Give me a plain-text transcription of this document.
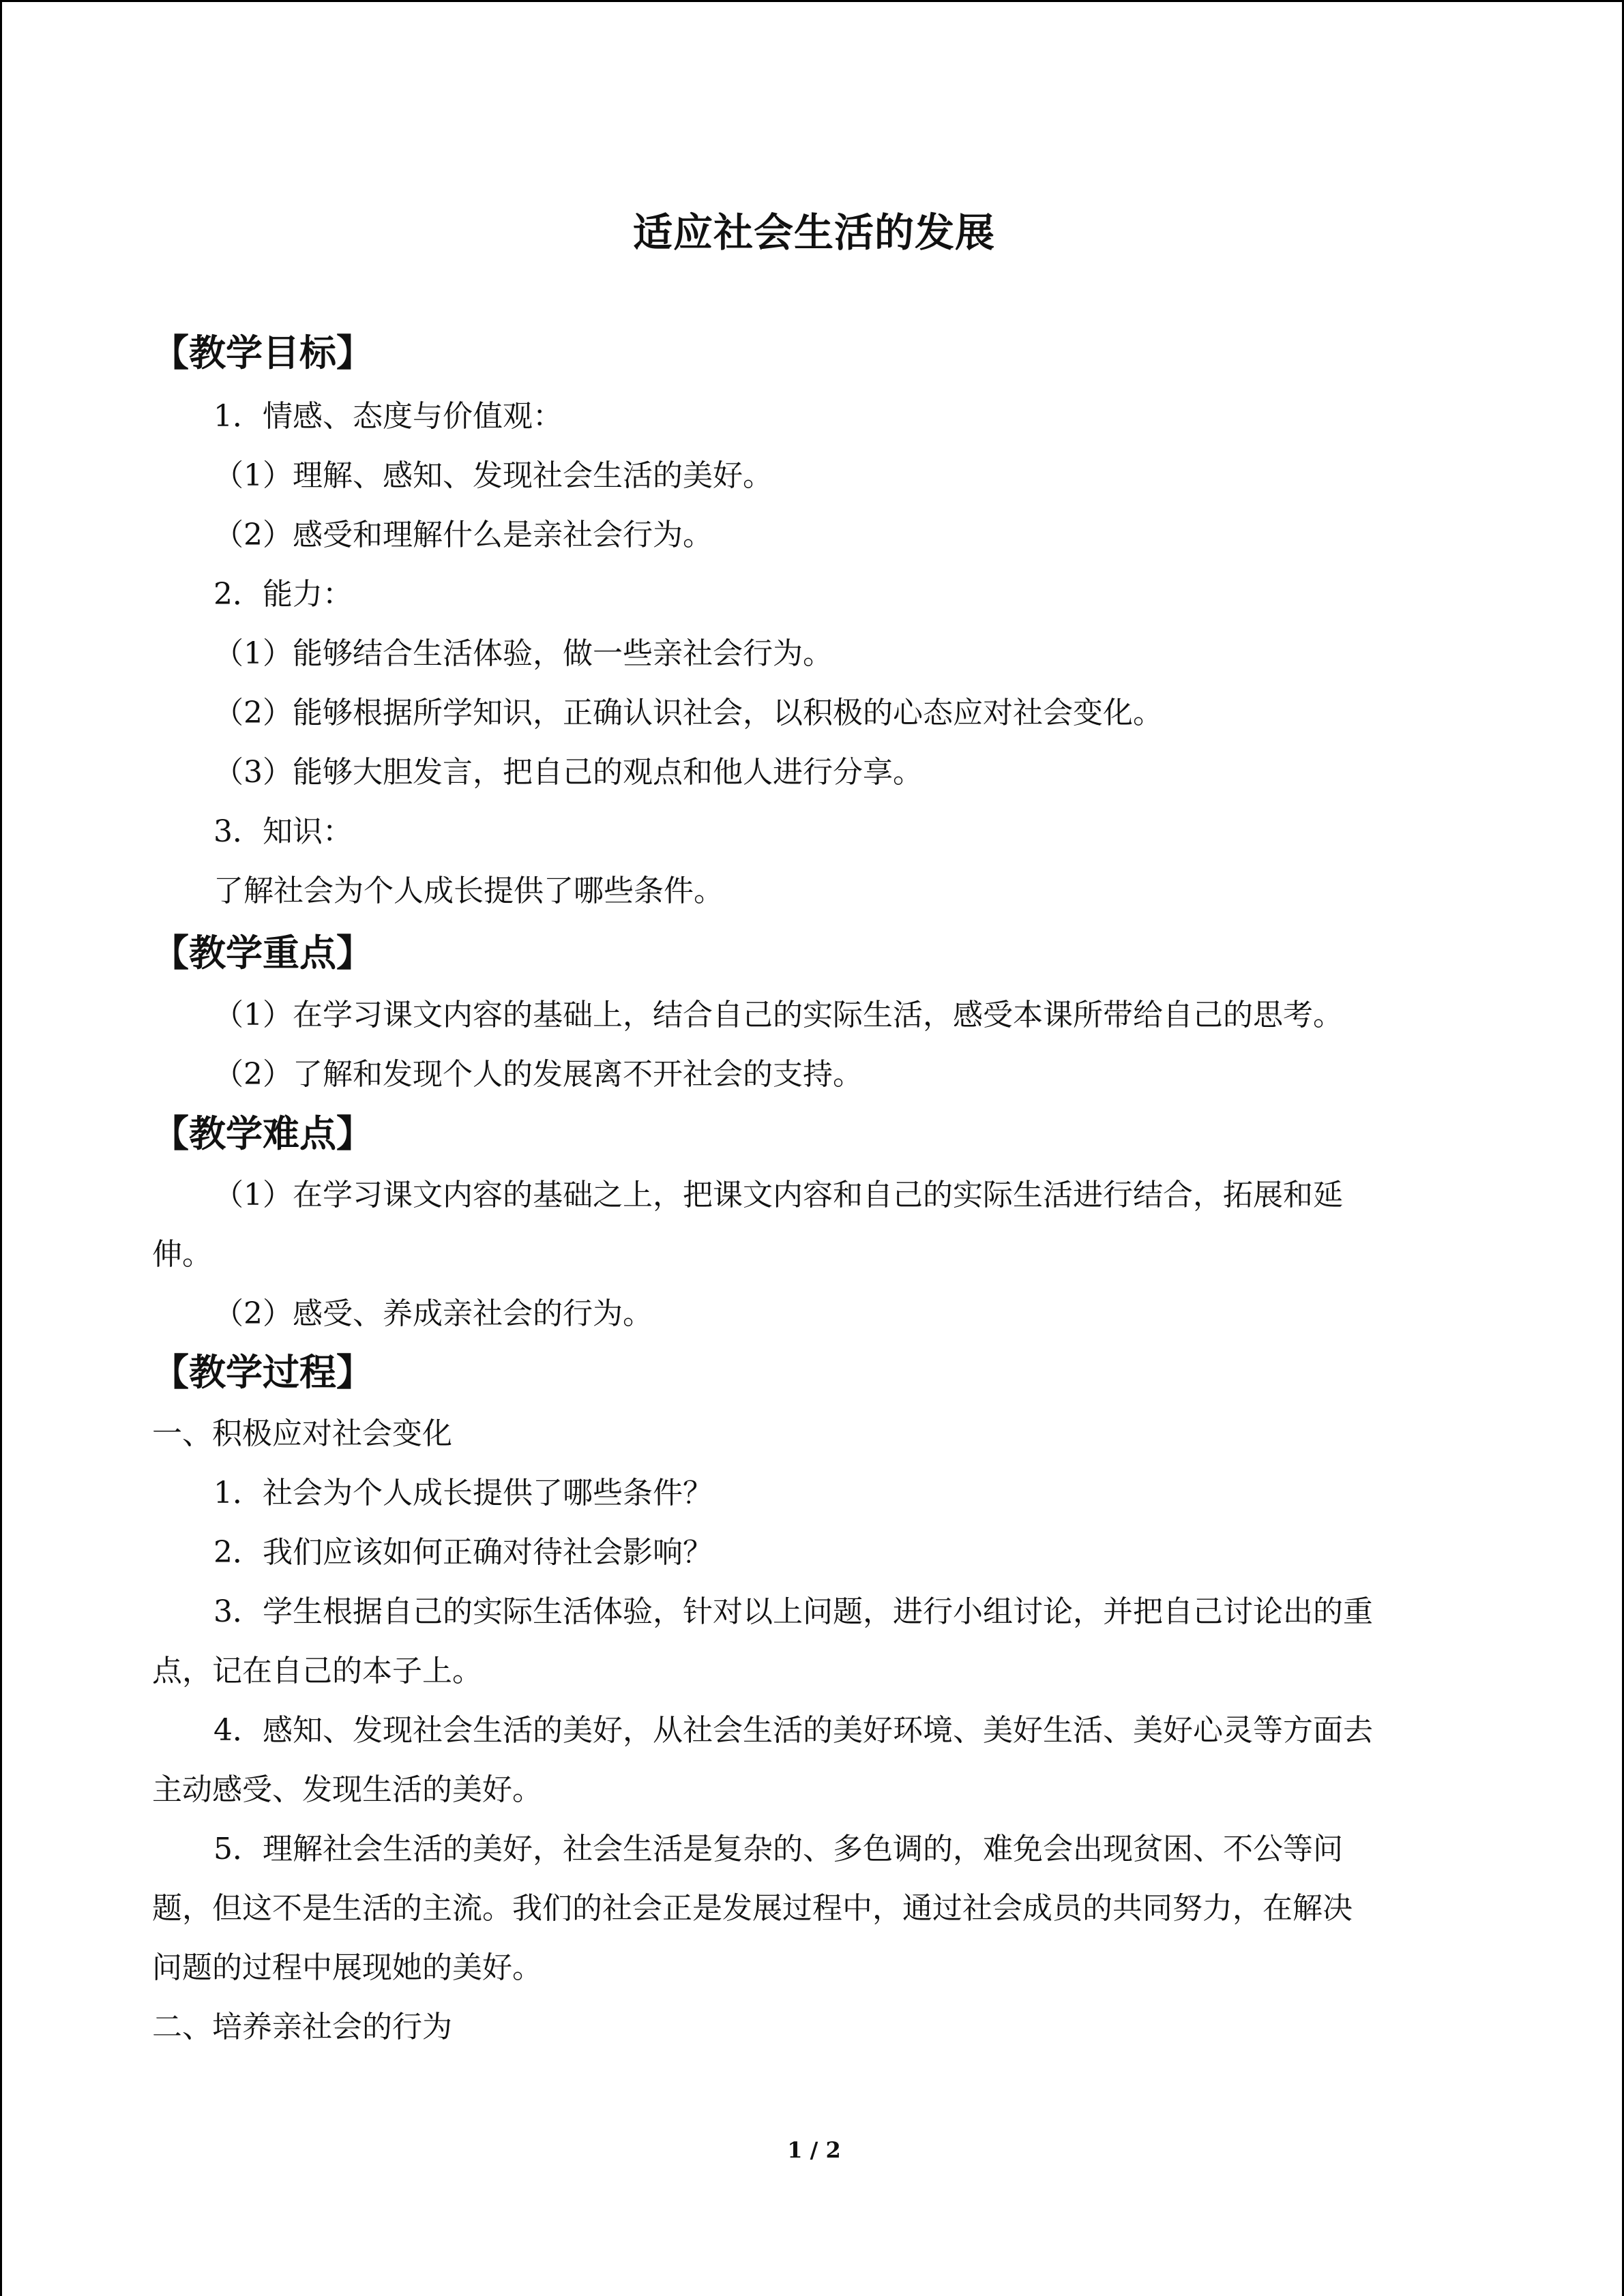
适应社会生活的发展
【教学目标】
1．情感、态度与价值观：
（1）理解、感知、发现社会生活的美好。
（2）感受和理解什么是亲社会行为。
2．能力：
（1）能够结合生活体验，做一些亲社会行为。
（2）能够根据所学知识，正确认识社会，以积极的心态应对社会变化。
（3）能够大胆发言，把自己的观点和他人进行分享。
3．知识：
了解社会为个人成长提供了哪些条件。
【教学重点】
（1）在学习课文内容的基础上，结合自己的实际生活，感受本课所带给自己的思考。
（2）了解和发现个人的发展离不开社会的支持。
【教学难点】
（1）在学习课文内容的基础之上，把课文内容和自己的实际生活进行结合，拓展和延
伸。
（2）感受、养成亲社会的行为。
【教学过程】
一、积极应对社会变化
1．社会为个人成长提供了哪些条件？
2．我们应该如何正确对待社会影响？
3．学生根据自己的实际生活体验，针对以上问题，进行小组讨论，并把自己讨论出的重
点，记在自己的本子上。
4．感知、发现社会生活的美好，从社会生活的美好环境、美好生活、美好心灵等方面去
主动感受、发现生活的美好。
5．理解社会生活的美好，社会生活是复杂的、多色调的，难免会出现贫困、不公等问
题，但这不是生活的主流。我们的社会正是发展过程中，通过社会成员的共同努力，在解决
问题的过程中展现她的美好。
二、培养亲社会的行为
1 / 2
